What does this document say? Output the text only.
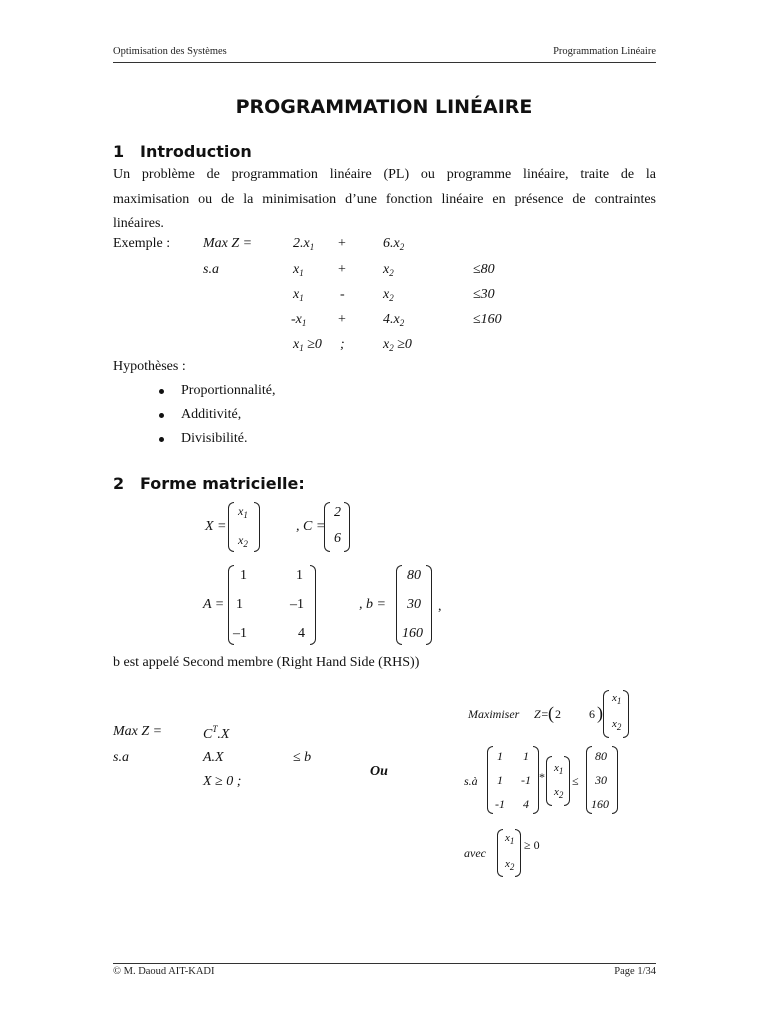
Optimisation des Systèmes	Programmation Linéaire
PROGRAMMATION LINÉAIRE
1 Introduction
Un problème de programmation linéaire (PL) ou programme linéaire, traite de la
maximisation ou de la minimisation d’une fonction linéaire en présence de contraintes
linéaires.
Exemple : Max Z =
s.a
$2.x_1$ +	$6.x_2$
$x_1$ +	$x_2$	≤80
$x_1$	-	$x_2$	≤30
$-x_1$ +	$4.x_2$	≤160
$x_1 \ge 0$ ;	$x_2 \ge 0$
Hypothèses :
Proportionnalité,
Additivité,
Divisibilité.
2 Forme matricielle:
X =
$x_1$
$x_2$
, C =
2
6
A =
1	1
1	–1
–1	4
, b =
80
30
160
,
b est appelé Second membre (Right Hand Side (RHS))
Max Z =	$C^T.X$
s.a	A.X	≤ b
X ≥ 0 ;
Ou
Maximiser Z= ( 2 6 )
$x_1$
$x_2$
s.à
1 1
1 -1
-1 4
*
$x_1$
$x_2$
≤
80
30
160
avec
$x_1$
$x_2$
≥ 0
© M. Daoud AIT-KADI	Page 1/34
